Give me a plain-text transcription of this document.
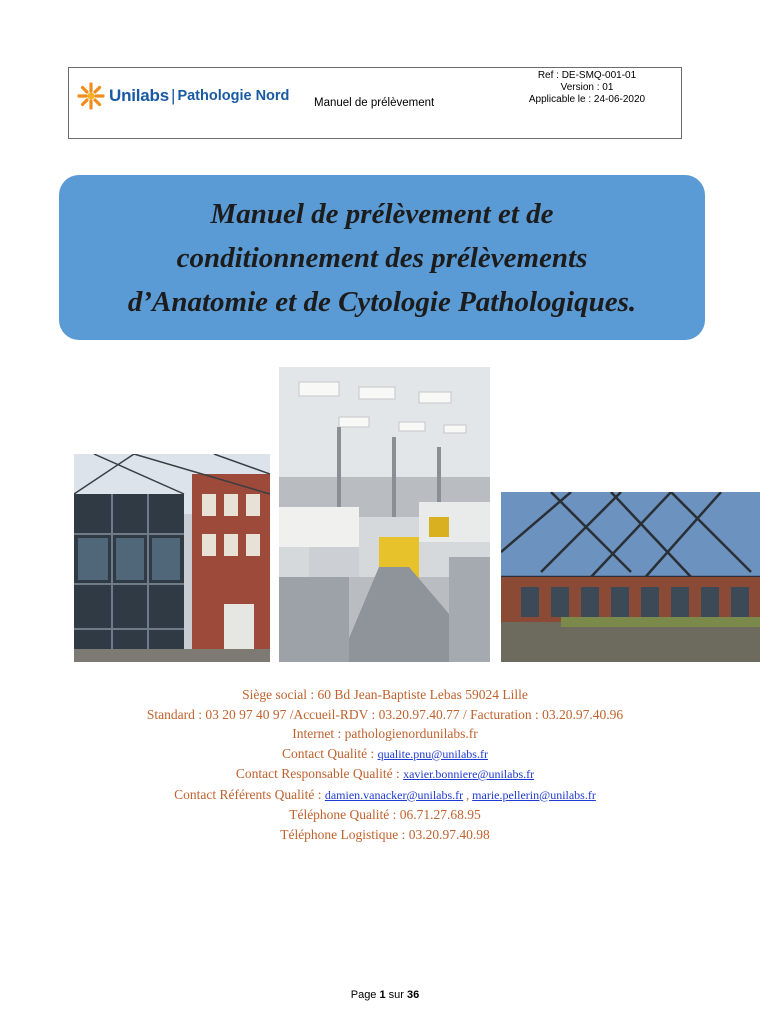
Unilabs | Pathologie Nord Manuel de prélèvement
Ref : DE-SMQ-001-01
Version : 01
Applicable le : 24-06-2020
Manuel de prélèvement et de
conditionnement des prélèvements
d’Anatomie et de Cytologie Pathologiques.
Siège social : 60 Bd Jean-Baptiste Lebas 59024 Lille
Standard : 03 20 97 40 97 /Accueil-RDV : 03.20.97.40.77 / Facturation : 03.20.97.40.96
Internet : pathologienordunilabs.fr
Contact Qualité : qualite.pnu@unilabs.fr
Contact Responsable Qualité : xavier.bonniere@unilabs.fr
Contact Référents Qualité : damien.vanacker@unilabs.fr , marie.pellerin@unilabs.fr
Téléphone Qualité : 06.71.27.68.95
Téléphone Logistique : 03.20.97.40.98
Page 1 sur 36
